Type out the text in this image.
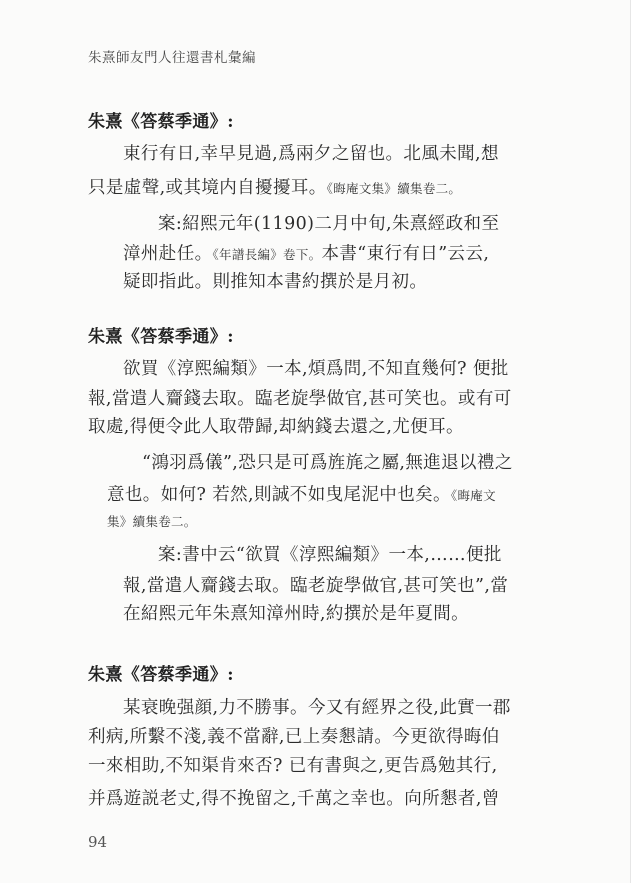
朱熹師友門人往還書札彙編
朱熹《答蔡季通》:
東行有日,幸早見過,爲兩夕之留也。北風未聞,想
只是虛聲,或其境内自擾擾耳。《晦庵文集》續集卷二。
案:紹熙元年(1190)二月中旬,朱熹經政和至
漳州赴任。《年譜長編》卷下。本書“東行有日”云云,
疑即指此。則推知本書約撰於是月初。
朱熹《答蔡季通》:
欲買《淳熙編類》一本,煩爲問,不知直幾何? 便批
報,當遣人齎錢去取。臨老旋學做官,甚可笑也。或有可
取處,得便令此人取帶歸,却納錢去還之,尤便耳。
“鴻羽爲儀”,恐只是可爲旌旄之屬,無進退以禮之
意也。如何? 若然,則誠不如曳尾泥中也矣。《晦庵文
集》續集卷二。
案:書中云“欲買《淳熙編類》一本,……便批
報,當遣人齎錢去取。臨老旋學做官,甚可笑也”,當
在紹熙元年朱熹知漳州時,約撰於是年夏間。
朱熹《答蔡季通》:
某衰晚强顔,力不勝事。今又有經界之役,此實一郡
利病,所繫不淺,義不當辭,已上奏懇請。今更欲得晦伯
一來相助,不知渠肯來否? 已有書與之,更告爲勉其行,
并爲遊説老丈,得不挽留之,千萬之幸也。向所懇者,曾
94
